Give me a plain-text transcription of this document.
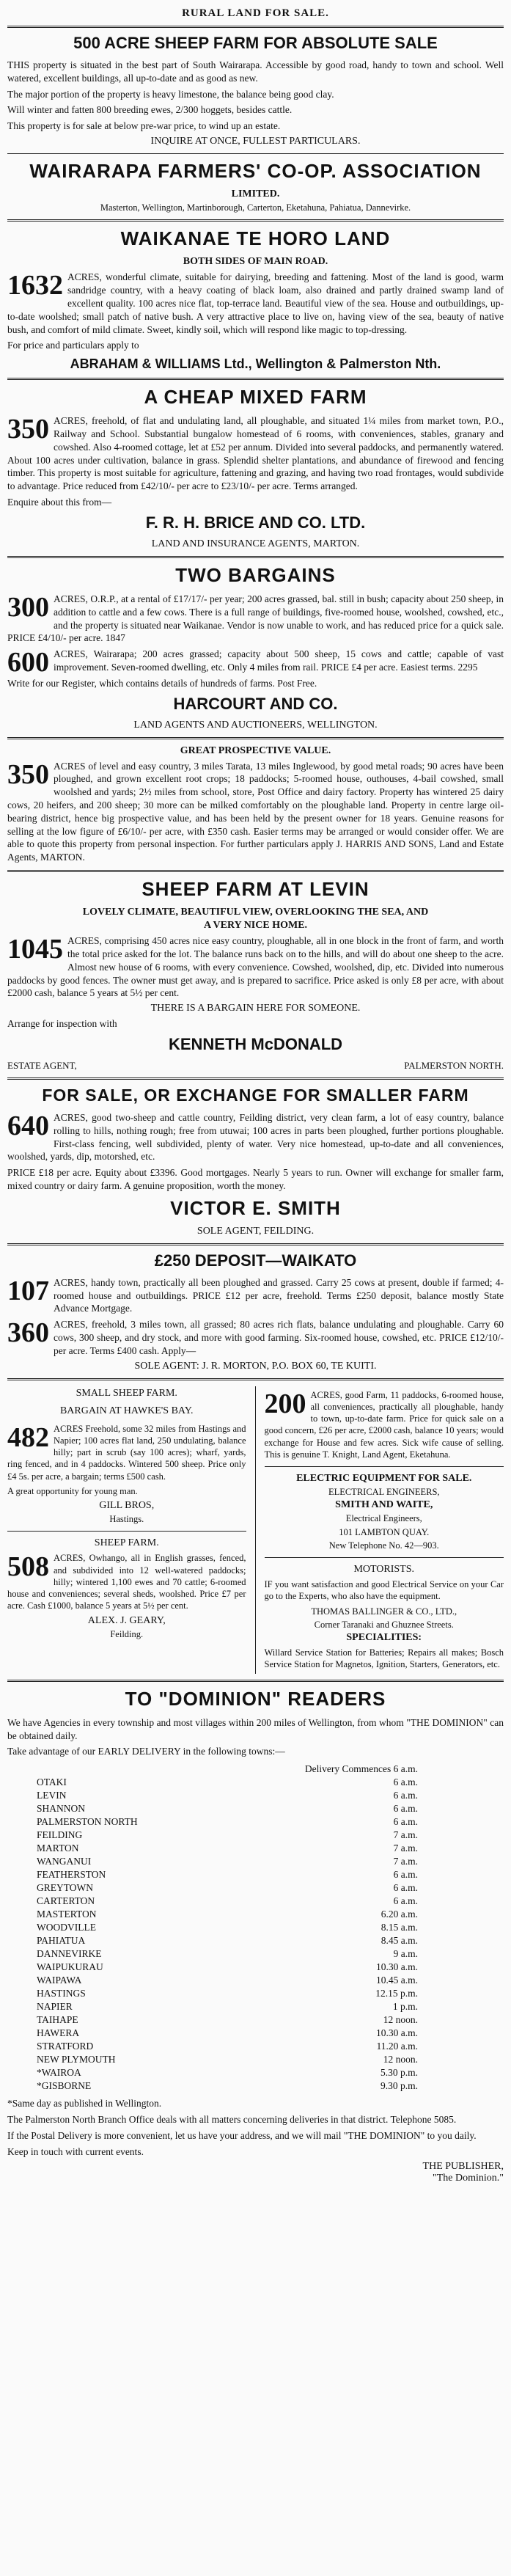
RURAL LAND FOR SALE.
500 ACRE SHEEP FARM FOR ABSOLUTE SALE

THIS property is situated in the best part of South Wairarapa. Accessible by good road, handy to town and school. Well watered, excellent buildings, all up-to-date and as good as new.

The major portion of the property is heavy limestone, the balance being good clay.

Will winter and fatten 800 breeding ewes, 2/300 hoggets, besides cattle.

This property is for sale at below pre-war price, to wind up an estate.

INQUIRE AT ONCE, FULLEST PARTICULARS.
WAIRARAPA FARMERS' CO-OP. ASSOCIATION
LIMITED.
Masterton, Wellington, Martinborough, Carterton, Eketahuna, Pahiatua, Dannevirke.
WAIKANAE TE HORO LAND
BOTH SIDES OF MAIN ROAD.

1632 ACRES, wonderful climate, suitable for dairying, breeding and fattening. Most of the land is good, warm sandridge country, with a heavy coating of black loam, also drained and partly drained swamp land of excellent quality. 100 acres nice flat, top-terrace land. Beautiful view of the sea. House and outbuildings, up-to-date woolshed; small patch of native bush. A very attractive place to live on, having view of the sea, beauty of native bush, and comfort of mild climate. Sweet, kindly soil, which will respond like magic to top-dressing.

For price and particulars apply to

ABRAHAM & WILLIAMS Ltd., Wellington & Palmerston Nth.
A CHEAP MIXED FARM

350 ACRES, freehold, of flat and undulating land, all ploughable, and situated 1¼ miles from market town, P.O., Railway and School. Substantial bungalow homestead of 6 rooms, with conveniences, stables, granary and cowshed. Also 4-roomed cottage, let at £52 per annum. Divided into several paddocks, and permanently watered. About 100 acres under cultivation, balance in grass. Splendid shelter plantations, and abundance of firewood and fencing timber. This property is most suitable for agriculture, fattening and grazing, and having two road frontages, would subdivide to advantage. Price reduced from £42/10/- per acre to £23/10/- per acre. Terms arranged.

Enquire about this from—

F. R. H. BRICE AND CO. LTD.
LAND AND INSURANCE AGENTS, MARTON.
TWO BARGAINS

300 ACRES, O.R.P., at a rental of £17/17/- per year; 200 acres grassed, bal. still in bush; capacity about 250 sheep, in addition to cattle and a few cows. There is a full range of buildings, five-roomed house, woolshed, cowshed, etc., and the property is situated near Waikanae. Vendor is now unable to work, and has reduced price for a quick sale. PRICE £4/10/- per acre. 1847

600 ACRES, Wairarapa; 200 acres grassed; capacity about 500 sheep, 15 cows and cattle; capable of vast improvement. Seven-roomed dwelling, etc. Only 4 miles from rail. PRICE £4 per acre. Easiest terms. 2295

Write for our Register, which contains details of hundreds of farms. Post Free.

HARCOURT AND CO.
LAND AGENTS AND AUCTIONEERS, WELLINGTON.
GREAT PROSPECTIVE VALUE.

350 ACRES of level and easy country, 3 miles Tarata, 13 miles Inglewood, by good metal roads; 90 acres have been ploughed, and grown excellent root crops; 18 paddocks; 5-roomed house, outhouses, 4-bail cowshed, small woolshed and yards; 2½ miles from school, store, Post Office and dairy factory. Property has wintered 25 dairy cows, 20 heifers, and 200 sheep; 30 more can be milked comfortably on the ploughable land. Property in centre large oil-bearing district, hence big prospective value, and has been held by the present owner for 18 years. Genuine reasons for selling at the low figure of £6/10/- per acre, with £350 cash. Easier terms may be arranged or would consider offer. We are able to quote this property from personal inspection. For further particulars apply J. HARRIS AND SONS, Land and Estate Agents, MARTON.

SHEEP FARM AT LEVIN
LOVELY CLIMATE, BEAUTIFUL VIEW, OVERLOOKING THE SEA, AND
A VERY NICE HOME.

1045 ACRES, comprising 450 acres nice easy country, ploughable, all in one block in the front of farm, and worth the total price asked for the lot. The balance runs back on to the hills, and will do about one sheep to the acre. Almost new house of 6 rooms, with every convenience. Cowshed, woolshed, dip, etc. Divided into numerous paddocks by good fences. The owner must get away, and is prepared to sacrifice. Price asked is only £8 per acre, with about £2000 cash, balance 5 years at 5½ per cent.

THERE IS A BARGAIN HERE FOR SOMEONE.
Arrange for inspection with
KENNETH McDONALD
ESTATE AGENT,	PALMERSTON NORTH.
FOR SALE, OR EXCHANGE FOR SMALLER FARM

640 ACRES, good two-sheep and cattle country, Feilding district, very clean farm, a lot of easy country, balance rolling to hills, nothing rough; free from utuwai; 100 acres in parts been ploughed, further portions ploughable. First-class fencing, well subdivided, plenty of water. Very nice homestead, up-to-date and all conveniences, woolshed, yards, dip, motorshed, etc.

PRICE £18 per acre. Equity about £3396. Good mortgages. Nearly 5 years to run. Owner will exchange for smaller farm, mixed country or dairy farm. A genuine proposition, worth the money.

VICTOR E. SMITH
SOLE AGENT, FEILDING.
£250 DEPOSIT—WAIKATO

107 ACRES, handy town, practically all been ploughed and grassed. Carry 25 cows at present, double if farmed; 4-roomed house and outbuildings. PRICE £12 per acre, freehold. Terms £250 deposit, balance mostly State Advance Mortgage.

360 ACRES, freehold, 3 miles town, all grassed; 80 acres rich flats, balance undulating and ploughable. Carry 60 cows, 300 sheep, and dry stock, and more with good farming. Six-roomed house, cowshed, etc. PRICE £12/10/- per acre. Terms £400 cash. Apply—

SOLE AGENT: J. R. MORTON, P.O. BOX 60, TE KUITI.
SMALL SHEEP FARM.
BARGAIN AT HAWKE'S BAY.

482 ACRES Freehold, some 32 miles from Hastings and Napier; 100 acres flat land, 250 undulating, balance hilly; part in scrub (say 100 acres); wharf, yards, ring fenced, and in 4 paddocks. Wintered 500 sheep. Price only £4 5s. per acre, a bargain; terms £500 cash.

A great opportunity for young man.

GILL BROS,
Hastings.
SHEEP FARM.

508 ACRES, Owhango, all in English grasses, fenced, and subdivided into 12 well-watered paddocks; hilly; wintered 1,100 ewes and 70 cattle; 6-roomed house and conveniences; several sheds, woolshed. Price £7 per acre. Cash £1000, balance 5 years at 5½ per cent.

ALEX. J. GEARY,
Feilding.

200 ACRES, good Farm, 11 paddocks, 6-roomed house, all conveniences, practically all ploughable, handy to town, up-to-date farm. Price for quick sale on a good concern, £26 per acre, £2000 cash, balance 10 years; would exchange for House and few acres. Sick wife cause of selling. This is genuine T. Knight, Land Agent, Eketahuna.

ELECTRIC EQUIPMENT FOR SALE.
ELECTRICAL ENGINEERS,
SMITH AND WAITE,
Electrical Engineers,
101 LAMBTON QUAY.
New Telephone No. 42—903.
MOTORISTS.

IF you want satisfaction and good Electrical Service on your Car go to the Experts, who also have the equipment.

THOMAS BALLINGER & CO., LTD.,
Corner Taranaki and Ghuznee Streets.
SPECIALITIES:

Willard Service Station for Batteries; Repairs all makes; Bosch Service Station for Magnetos, Ignition, Starters, Generators, etc.

TO "DOMINION" READERS

We have Agencies in every township and most villages within 200 miles of Wellington, from whom "THE DOMINION" can be obtained daily.

Take advantage of our EARLY DELIVERY in the following towns:—
	Delivery Commences 6 a.m.
OTAKI	6 a.m.
LEVIN	6 a.m.
SHANNON	6 a.m.
PALMERSTON NORTH	6 a.m.
FEILDING	7 a.m.
MARTON	7 a.m.
WANGANUI	7 a.m.
FEATHERSTON	6 a.m.
GREYTOWN	6 a.m.
CARTERTON	6 a.m.
MASTERTON	6.20 a.m.
WOODVILLE	8.15 a.m.
PAHIATUA	8.45 a.m.
DANNEVIRKE	9 a.m.
WAIPUKURAU	10.30 a.m.
WAIPAWA	10.45 a.m.
HASTINGS	12.15 p.m.
NAPIER	1 p.m.
TAIHAPE	12 noon.
HAWERA	10.30 a.m.
STRATFORD	11.20 a.m.
NEW PLYMOUTH	12 noon.
*WAIROA	5.30 p.m.
*GISBORNE	9.30 p.m.

*Same day as published in Wellington.

The Palmerston North Branch Office deals with all matters concerning deliveries in that district. Telephone 5085.

If the Postal Delivery is more convenient, let us have your address, and we will mail "THE DOMINION" to you daily.

Keep in touch with current events.

THE PUBLISHER,
"The Dominion."
